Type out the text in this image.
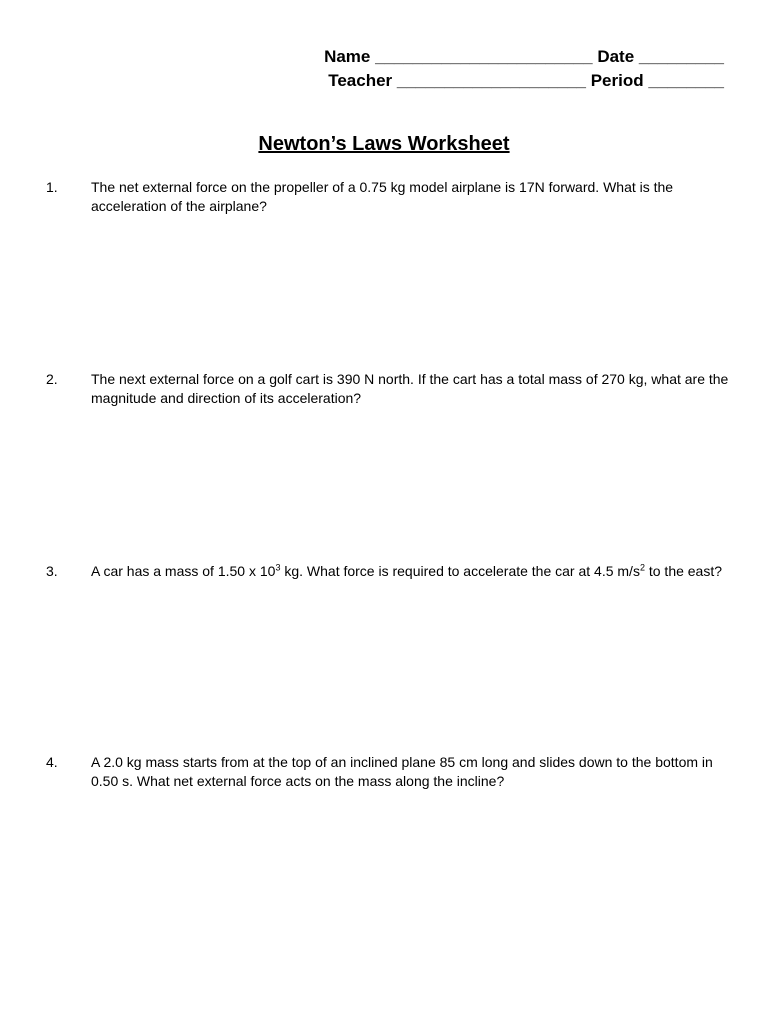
Name _______________________ Date _________
Teacher ____________________ Period ________
Newton’s Laws Worksheet
1.	The net external force on the propeller of a 0.75 kg model airplane is 17N forward. What is the acceleration of the airplane?
2.	The next external force on a golf cart is 390 N north. If the cart has a total mass of 270 kg, what are the magnitude and direction of its acceleration?
3.	A car has a mass of 1.50 x $10^3$ kg. What force is required to accelerate the car at 4.5 $m/s^2$ to the east?
4.	A 2.0 kg mass starts from at the top of an inclined plane 85 cm long and slides down to the bottom in 0.50 s. What net external force acts on the mass along the incline?
